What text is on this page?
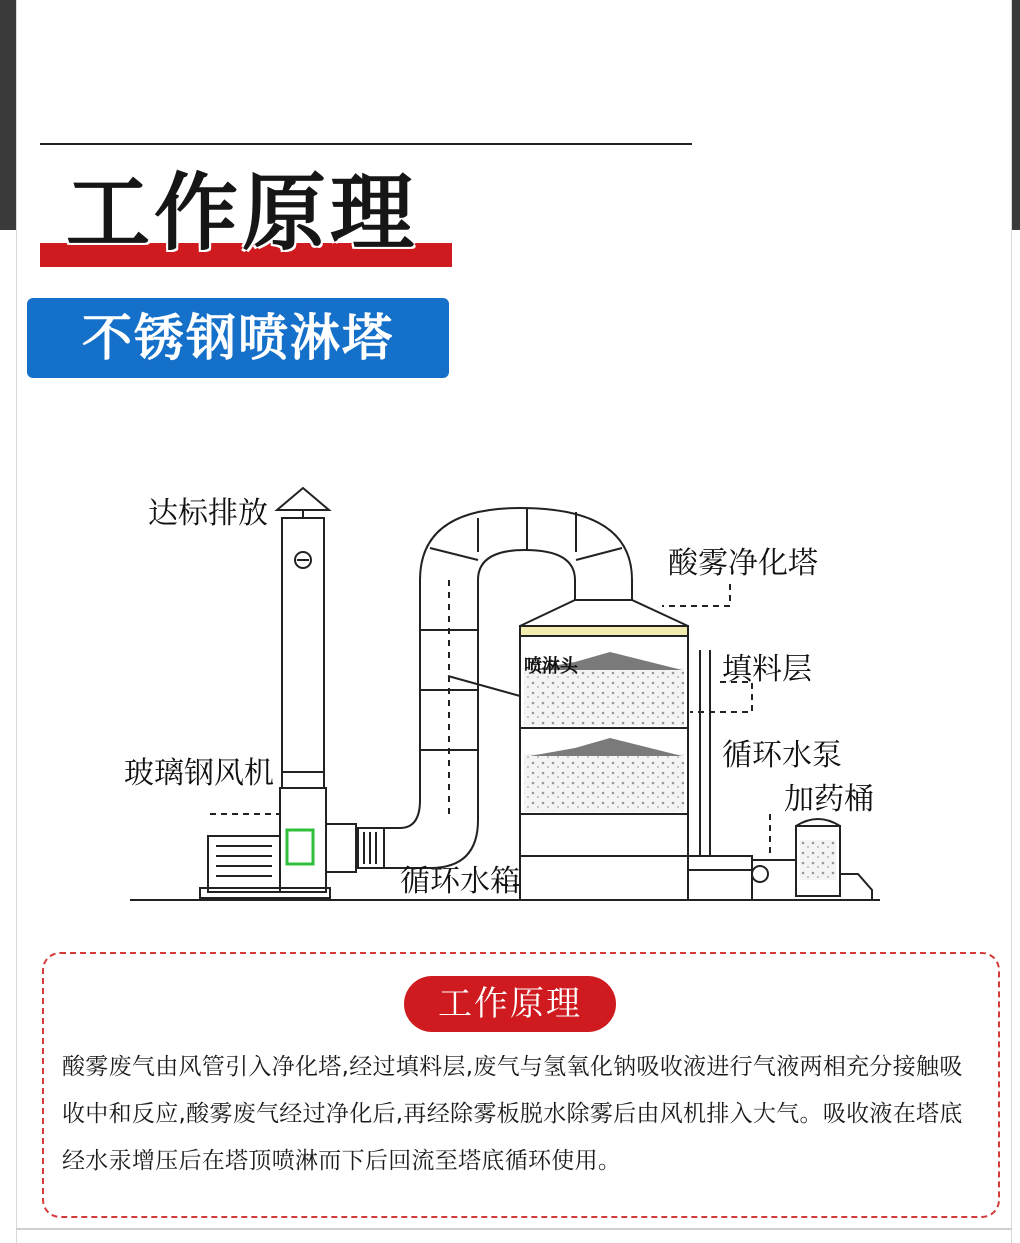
工作原理
不锈钢喷淋塔
达标排放
酸雾净化塔
喷淋头	填料层
循环水泵
玻璃钢风机
加药桶
循环水箱
工作原理
酸雾废气由风管引入净化塔,经过填料层,废气与氢氧化钠吸收液进行气液两相充分接触吸收中和反应,酸雾废气经过净化后,再经除雾板脱水除雾后由风机排入大气。吸收液在塔底经水汞增压后在塔顶喷淋而下后回流至塔底循环使用。
